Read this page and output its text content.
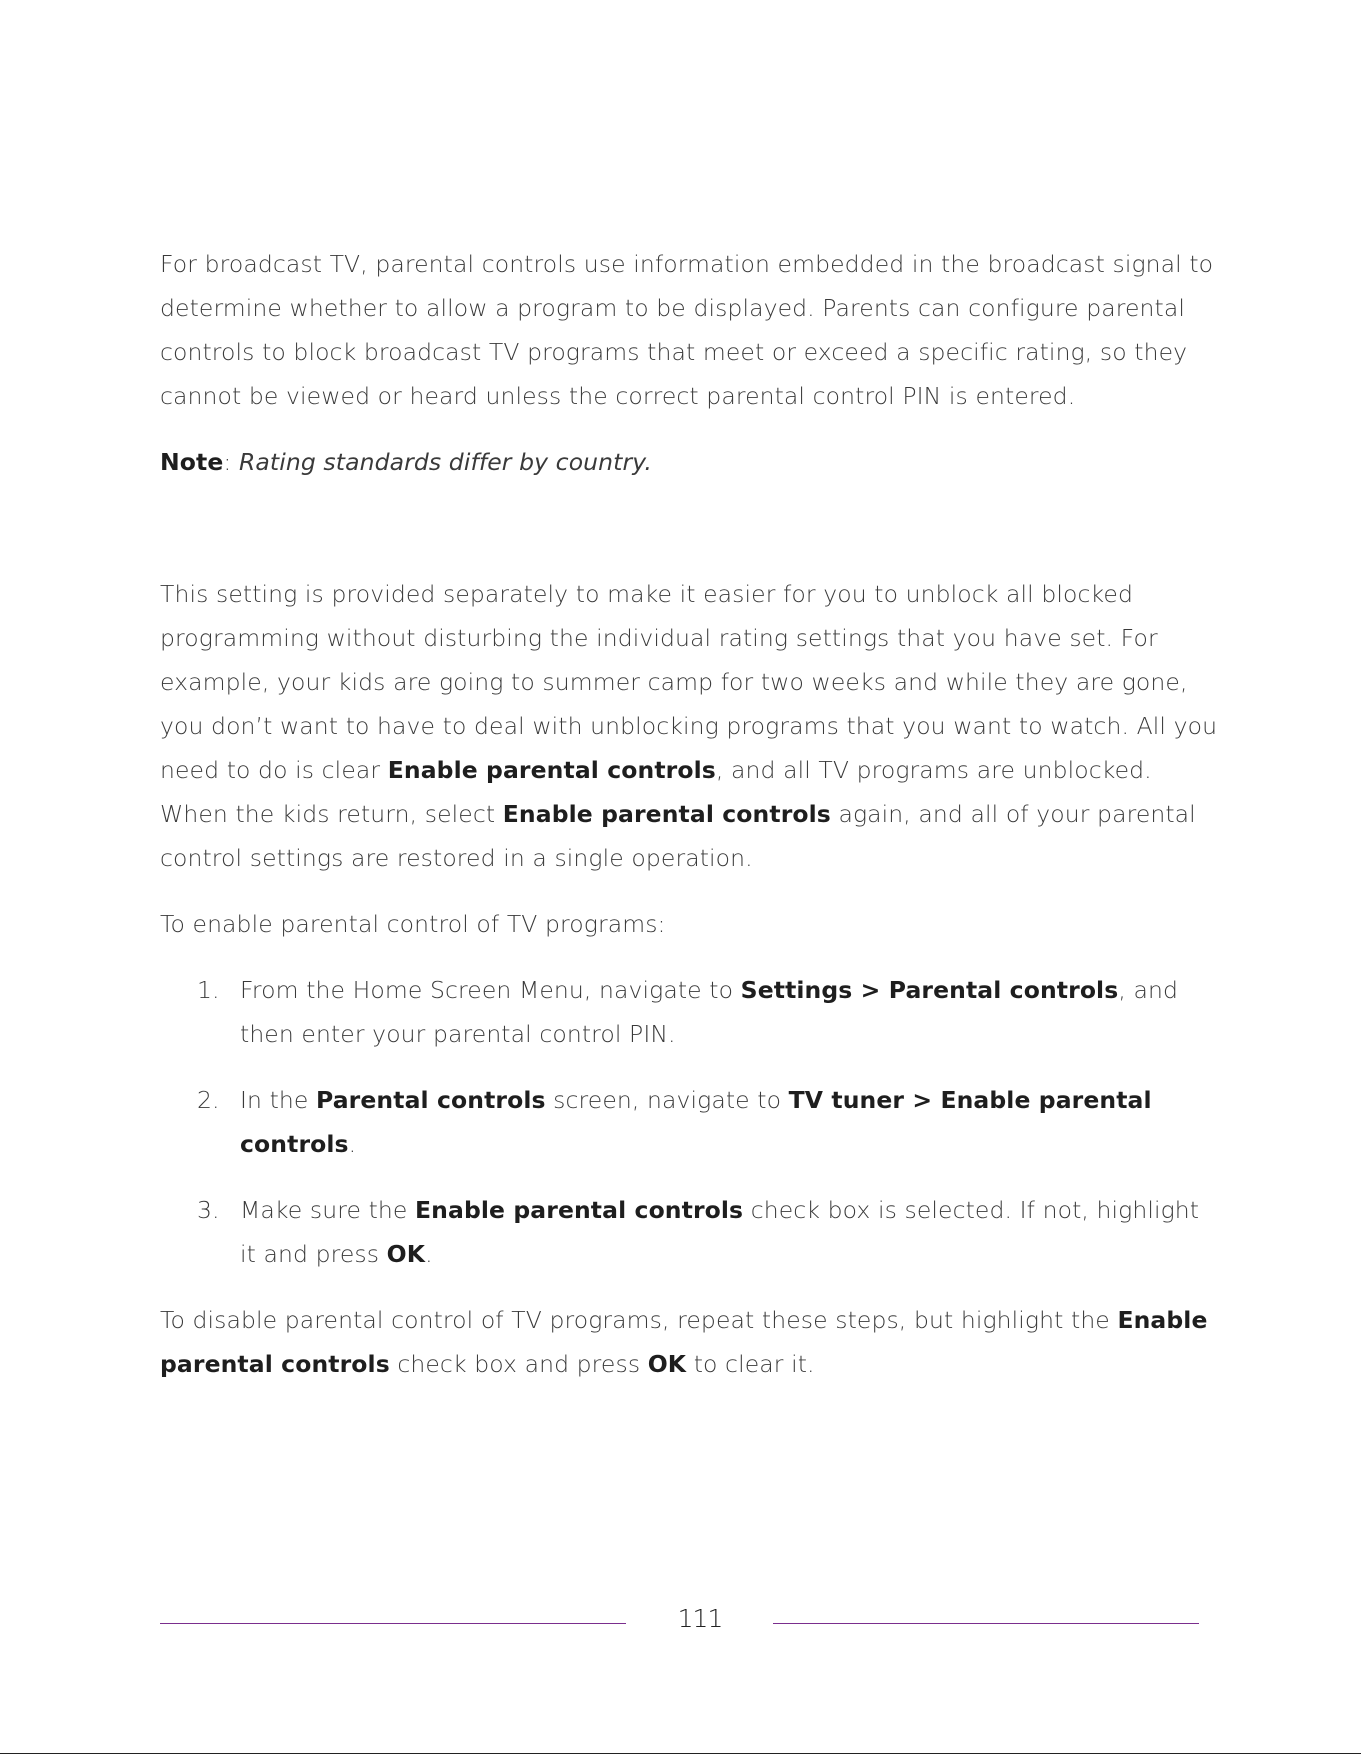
For broadcast TV, parental controls use information embedded in the broadcast signal to determine whether to allow a program to be displayed. Parents can configure parental controls to block broadcast TV programs that meet or exceed a specific rating, so they cannot be viewed or heard unless the correct parental control PIN is entered.

Note: Rating standards differ by country.

This setting is provided separately to make it easier for you to unblock all blocked programming without disturbing the individual rating settings that you have set. For example, your kids are going to summer camp for two weeks and while they are gone, you don’t want to have to deal with unblocking programs that you want to watch. All you need to do is clear Enable parental controls, and all TV programs are unblocked. When the kids return, select Enable parental controls again, and all of your parental control settings are restored in a single operation.

To enable parental control of TV programs:

1. From the Home Screen Menu, navigate to Settings > Parental controls, and then enter your parental control PIN.
2. In the Parental controls screen, navigate to TV tuner > Enable parental controls.
3. Make sure the Enable parental controls check box is selected. If not, highlight it and press OK.

To disable parental control of TV programs, repeat these steps, but highlight the Enable parental controls check box and press OK to clear it.

111
